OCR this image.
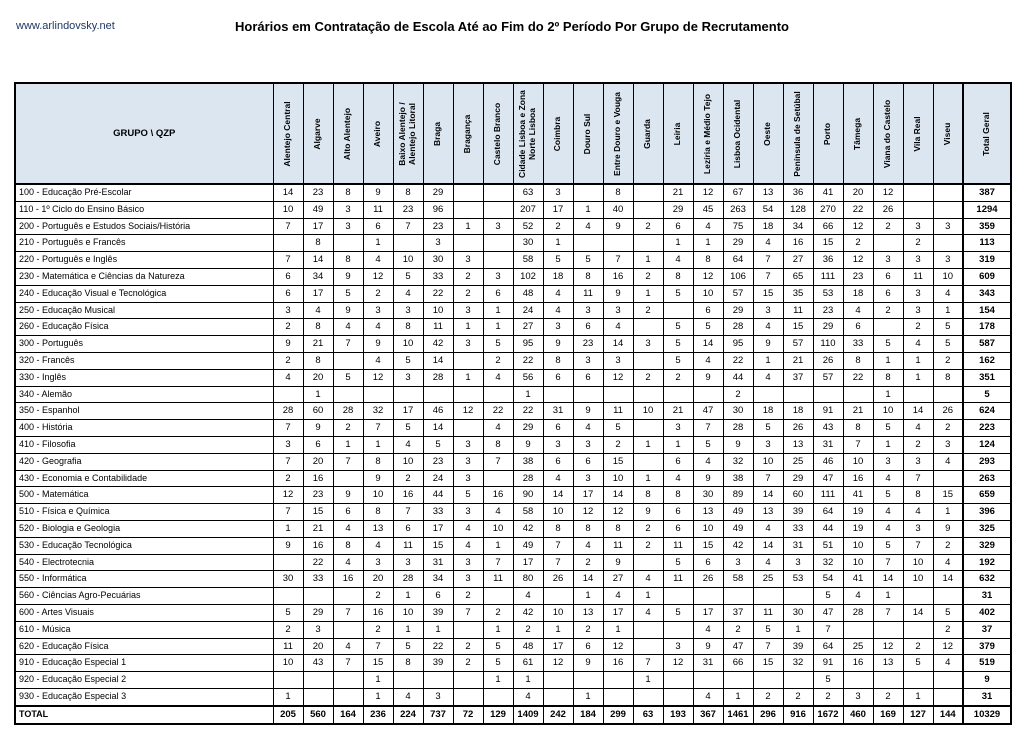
www.arlindovsky.net	Horários em Contratação de Escola Até ao Fim do 2º Período Por Grupo de Recrutamento
GRUPO \ QZP	Alentejo Central	Algarve	Alto Alentejo	Aveiro	Baixo Alentejo / Alentejo Litoral	Braga	Bragança	Castelo Branco	Cidade Lisboa e Zona Norte Lisboa	Coimbra	Douro Sul	Entre Douro e Vouga	Guarda	Leiria	Lezíria e Médio Tejo	Lisboa Ocidental	Oeste	Península de Setúbal	Porto	Tâmega	Viana do Castelo	Vila Real	Viseu	Total Geral

100 - Educação Pré-Escolar	14	23	8	9	8	29			63	3		8		21	12	67	13	36	41	20	12			387
110 - 1º Ciclo do Ensino Básico	10	49	3	11	23	96			207	17	1	40		29	45	263	54	128	270	22	26			1294
200 - Português e Estudos Sociais/História	7	17	3	6	7	23	1	3	52	2	4	9	2	6	4	75	18	34	66	12	2	3	3	359
210 - Português e Francês		8		1		3			30	1				1	1	29	4	16	15	2		2		113
220 - Português e Inglês	7	14	8	4	10	30	3		58	5	5	7	1	4	8	64	7	27	36	12	3	3	3	319
230 - Matemática e Ciências da Natureza	6	34	9	12	5	33	2	3	102	18	8	16	2	8	12	106	7	65	111	23	6	11	10	609
240 - Educação Visual e Tecnológica	6	17	5	2	4	22	2	6	48	4	11	9	1	5	10	57	15	35	53	18	6	3	4	343
250 - Educação Musical	3	4	9	3	3	10	3	1	24	4	3	3	2		6	29	3	11	23	4	2	3	1	154
260 - Educação Física	2	8	4	4	8	11	1	1	27	3	6	4		5	5	28	4	15	29	6		2	5	178
300 - Português	9	21	7	9	10	42	3	5	95	9	23	14	3	5	14	95	9	57	110	33	5	4	5	587
320 - Francês	2	8		4	5	14		2	22	8	3	3		5	4	22	1	21	26	8	1	1	2	162
330 - Inglês	4	20	5	12	3	28	1	4	56	6	6	12	2	2	9	44	4	37	57	22	8	1	8	351
340 - Alemão		1							1							2					1			5
350 - Espanhol	28	60	28	32	17	46	12	22	22	31	9	11	10	21	47	30	18	18	91	21	10	14	26	624
400 - História	7	9	2	7	5	14		4	29	6	4	5		3	7	28	5	26	43	8	5	4	2	223
410 - Filosofia	3	6	1	1	4	5	3	8	9	3	3	2	1	1	5	9	3	13	31	7	1	2	3	124
420 - Geografia	7	20	7	8	10	23	3	7	38	6	6	15		6	4	32	10	25	46	10	3	3	4	293
430 - Economia e Contabilidade	2	16		9	2	24	3		28	4	3	10	1	4	9	38	7	29	47	16	4	7		263
500 - Matemática	12	23	9	10	16	44	5	16	90	14	17	14	8	8	30	89	14	60	111	41	5	8	15	659
510 - Física e Química	7	15	6	8	7	33	3	4	58	10	12	12	9	6	13	49	13	39	64	19	4	4	1	396
520 - Biologia e Geologia	1	21	4	13	6	17	4	10	42	8	8	8	2	6	10	49	4	33	44	19	4	3	9	325
530 - Educação Tecnológica	9	16	8	4	11	15	4	1	49	7	4	11	2	11	15	42	14	31	51	10	5	7	2	329
540 - Electrotecnia		22	4	3	3	31	3	7	17	7	2	9		5	6	3	4	3	32	10	7	10	4	192
550 - Informática	30	33	16	20	28	34	3	11	80	26	14	27	4	11	26	58	25	53	54	41	14	10	14	632
560 - Ciências Agro-Pecuárias				2	1	6	2		4		1	4	1						5	4	1			31
600 - Artes Visuais	5	29	7	16	10	39	7	2	42	10	13	17	4	5	17	37	11	30	47	28	7	14	5	402
610 - Música	2	3		2	1	1		1	2	1	2	1			4	2	5	1	7				2	37
620 - Educação Física	11	20	4	7	5	22	2	5	48	17	6	12		3	9	47	7	39	64	25	12	2	12	379
910 - Educação Especial 1	10	43	7	15	8	39	2	5	61	12	9	16	7	12	31	66	15	32	91	16	13	5	4	519
920 - Educação Especial 2				1				1	1				1						5					9
930 - Educação Especial 3	1			1	4	3			4		1				4	1	2	2	2	3	2	1		31
TOTAL	205	560	164	236	224	737	72	129	1409	242	184	299	63	193	367	1461	296	916	1672	460	169	127	144	10329
